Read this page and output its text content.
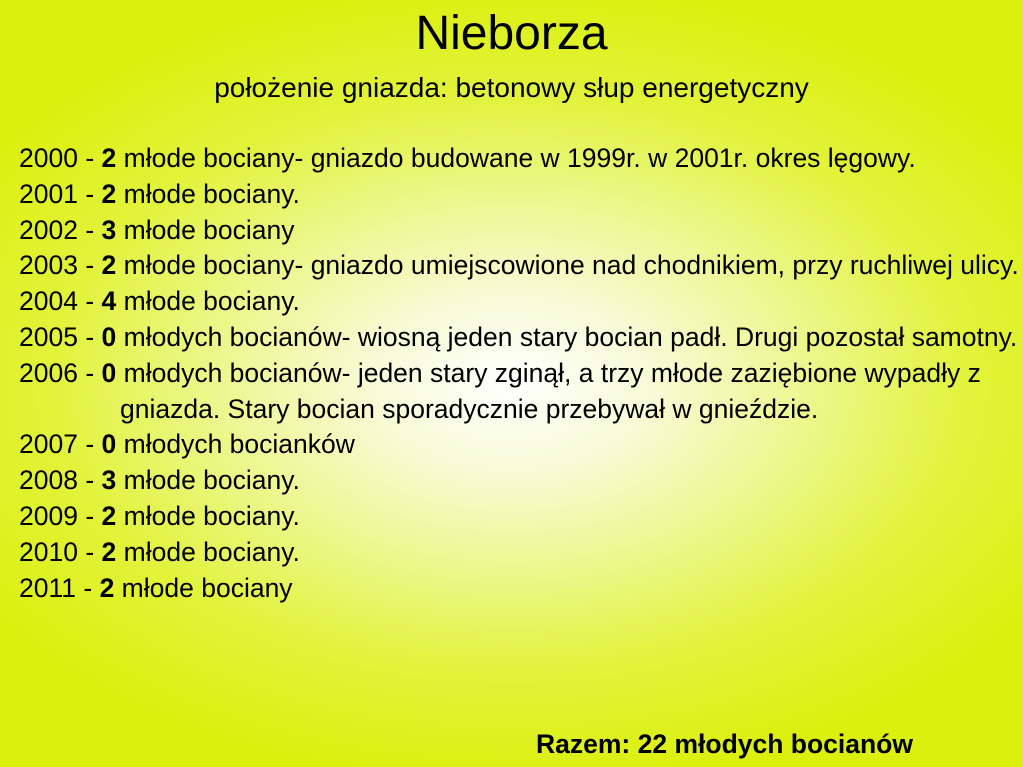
Nieborza
położenie gniazda: betonowy słup energetyczny
2000 - 2 młode bociany- gniazdo budowane w 1999r. w 2001r. okres lęgowy.
2001 - 2 młode bociany.
2002 - 3 młode bociany
2003 - 2 młode bociany- gniazdo umiejscowione nad chodnikiem, przy ruchliwej ulicy.
2004 - 4 młode bociany.
2005 - 0 młodych bocianów- wiosną jeden stary bocian padł. Drugi pozostał samotny.
2006 - 0 młodych bocianów- jeden stary zginął, a trzy młode zaziębione wypadły z gniazda. Stary bocian sporadycznie przebywał w gnieździe.
2007 - 0 młodych bocianków
2008 - 3 młode bociany.
2009 - 2 młode bociany.
2010 - 2 młode bociany.
2011 - 2 młode bociany
Razem: 22 młodych bocianów
